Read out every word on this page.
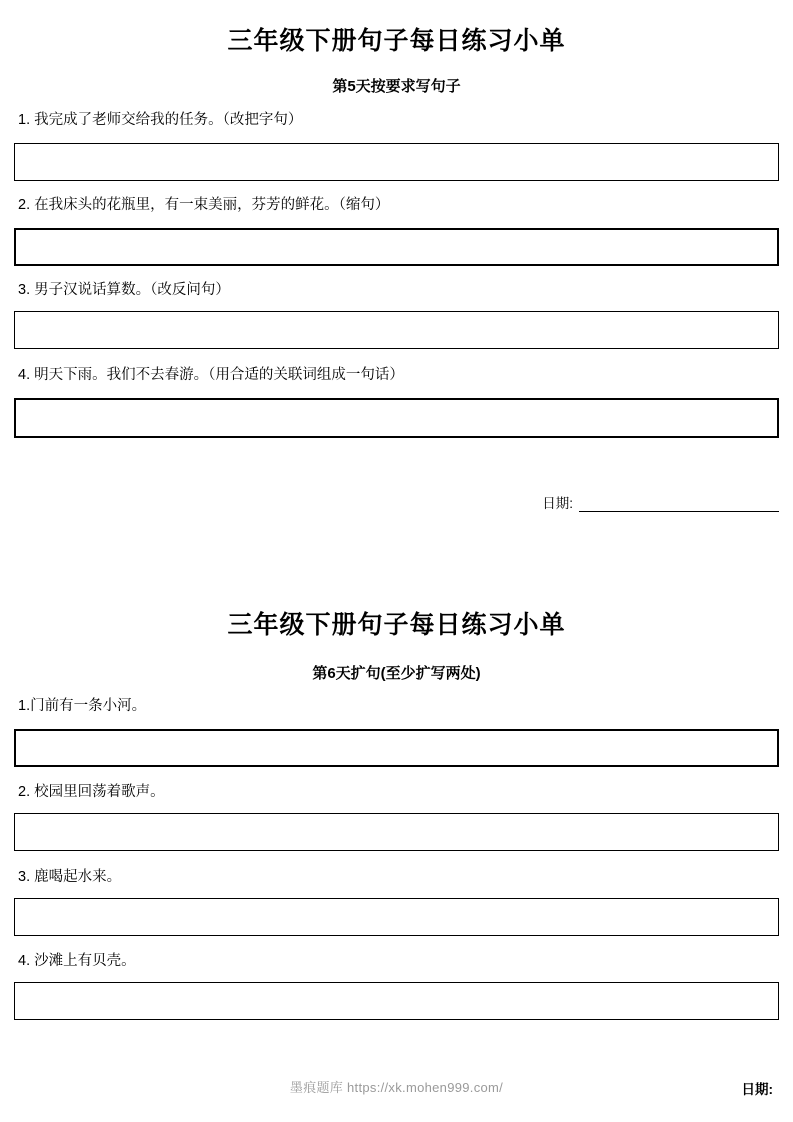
三年级下册句子每日练习小单
第5天按要求写句子
1. 我完成了老师交给我的任务。（改把字句）
2. 在我床头的花瓶里，有一束美丽，芬芳的鲜花。（缩句）
3. 男子汉说话算数。（改反问句）
4. 明天下雨。我们不去春游。（用合适的关联词组成一句话）
日期:
三年级下册句子每日练习小单
第6天扩句(至少扩写两处)
1.门前有一条小河。
2. 校园里回荡着歌声。
3. 鹿喝起水来。
4. 沙滩上有贝壳。
墨痕题库 https://xk.mohen999.com/	日期:
